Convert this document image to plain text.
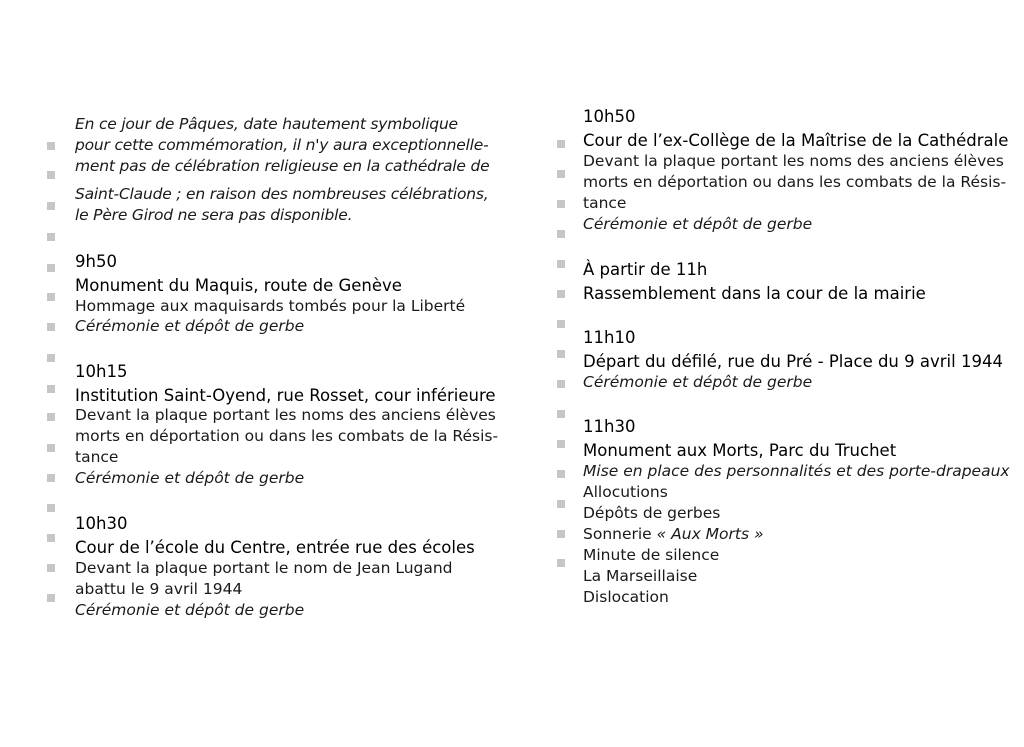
En ce jour de Pâques, date hautement symbolique
pour cette commémoration, il n'y aura exceptionnelle-
ment pas de célébration religieuse en la cathédrale de
Saint-Claude ; en raison des nombreuses célébrations,
le Père Girod ne sera pas disponible.
9h50
Monument du Maquis, route de Genève
Hommage aux maquisards tombés pour la Liberté
Cérémonie et dépôt de gerbe
10h15
Institution Saint-Oyend, rue Rosset, cour inférieure
Devant la plaque portant les noms des anciens élèves
morts en déportation ou dans les combats de la Résis-
tance
Cérémonie et dépôt de gerbe
10h30
Cour de l’école du Centre, entrée rue des écoles
Devant la plaque portant le nom de Jean Lugand
abattu le 9 avril 1944
Cérémonie et dépôt de gerbe
10h50
Cour de l’ex-Collège de la Maîtrise de la Cathédrale
Devant la plaque portant les noms des anciens élèves
morts en déportation ou dans les combats de la Résis-
tance
Cérémonie et dépôt de gerbe
À partir de 11h
Rassemblement dans la cour de la mairie
11h10
Départ du défilé, rue du Pré - Place du 9 avril 1944
Cérémonie et dépôt de gerbe
11h30
Monument aux Morts, Parc du Truchet
Mise en place des personnalités et des porte-drapeaux
Allocutions
Dépôts de gerbes
Sonnerie « Aux Morts »
Minute de silence
La Marseillaise
Dislocation
